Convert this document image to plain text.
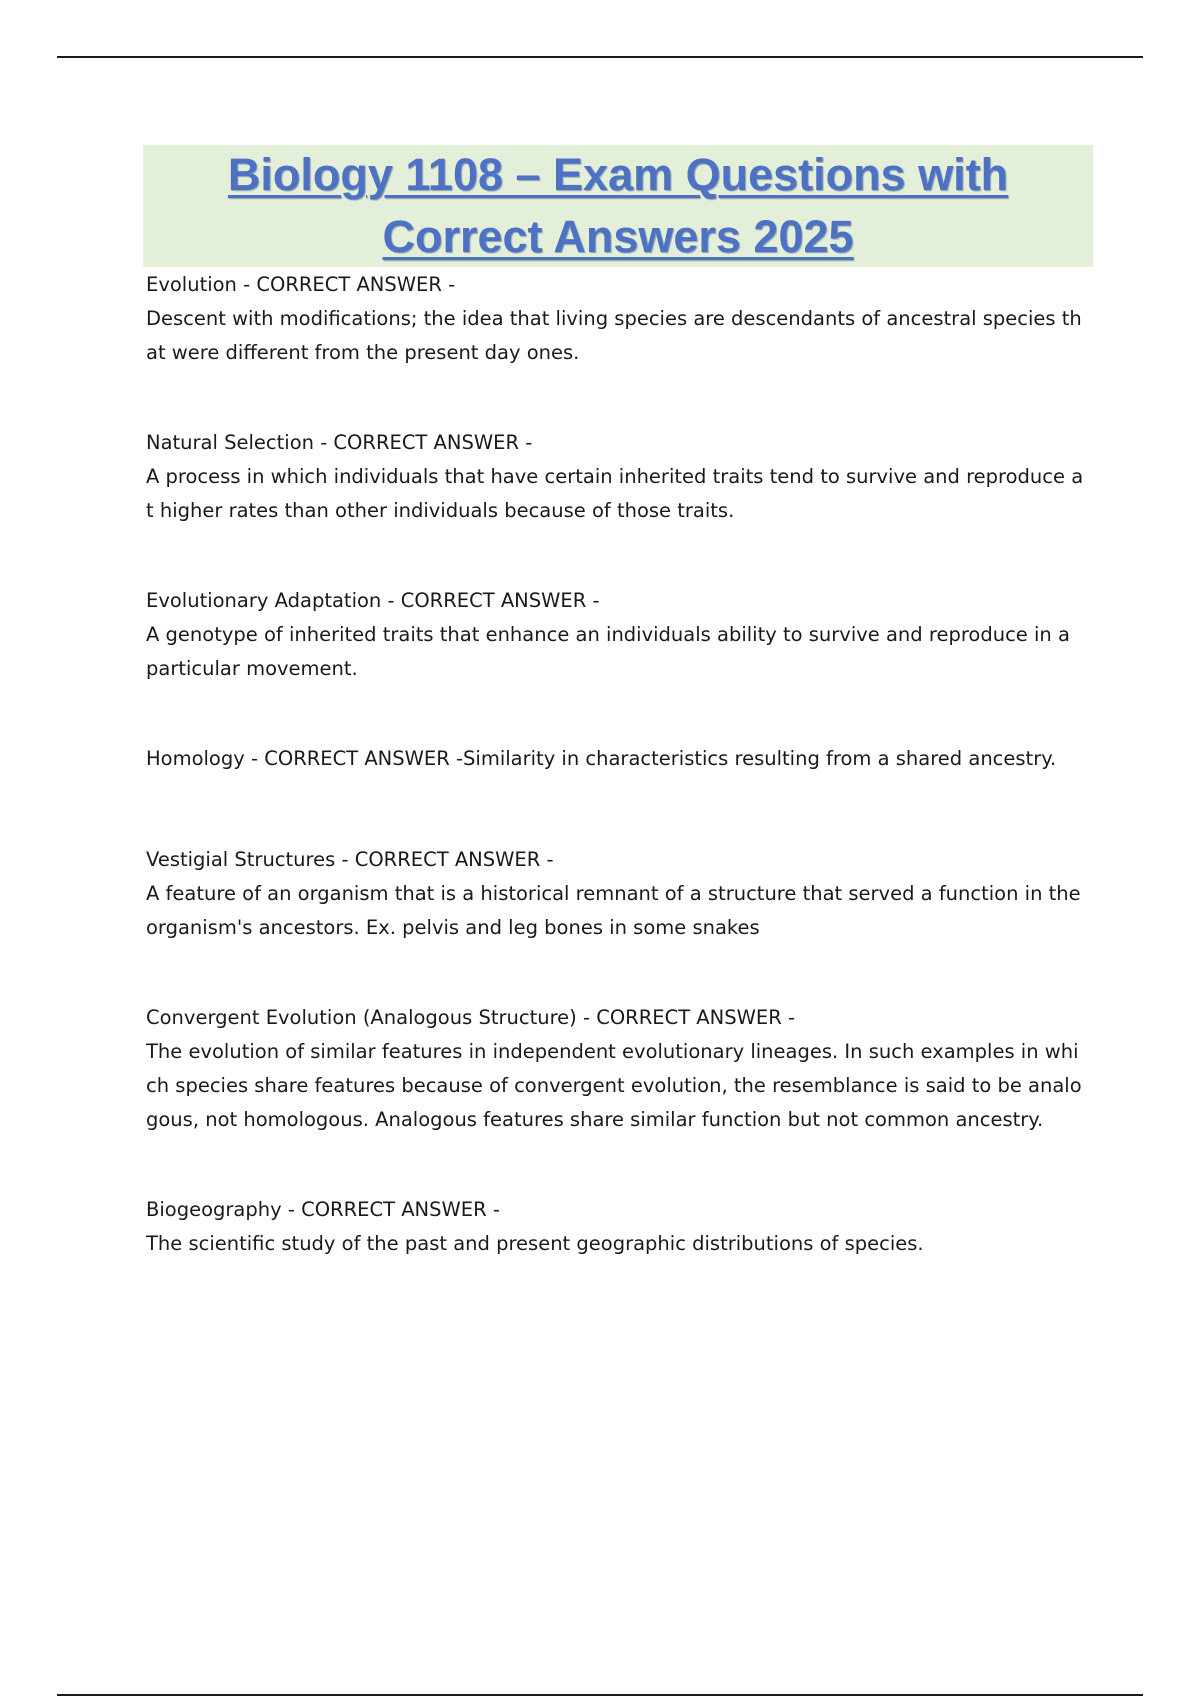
Biology 1108 – Exam Questions with Correct Answers 2025
Evolution - CORRECT ANSWER -
Descent with modifications; the idea that living species are descendants of ancestral species that were different from the present day ones.
Natural Selection - CORRECT ANSWER -
A process in which individuals that have certain inherited traits tend to survive and reproduce at higher rates than other individuals because of those traits.
Evolutionary Adaptation - CORRECT ANSWER -
A genotype of inherited traits that enhance an individuals ability to survive and reproduce in a particular movement.
Homology - CORRECT ANSWER -Similarity in characteristics resulting from a shared ancestry.
Vestigial Structures - CORRECT ANSWER -
A feature of an organism that is a historical remnant of a structure that served a function in the organism's ancestors. Ex. pelvis and leg bones in some snakes
Convergent Evolution (Analogous Structure) - CORRECT ANSWER -
The evolution of similar features in independent evolutionary lineages. In such examples in which species share features because of convergent evolution, the resemblance is said to be analogous, not homologous. Analogous features share similar function but not common ancestry.
Biogeography - CORRECT ANSWER -
The scientific study of the past and present geographic distributions of species.
